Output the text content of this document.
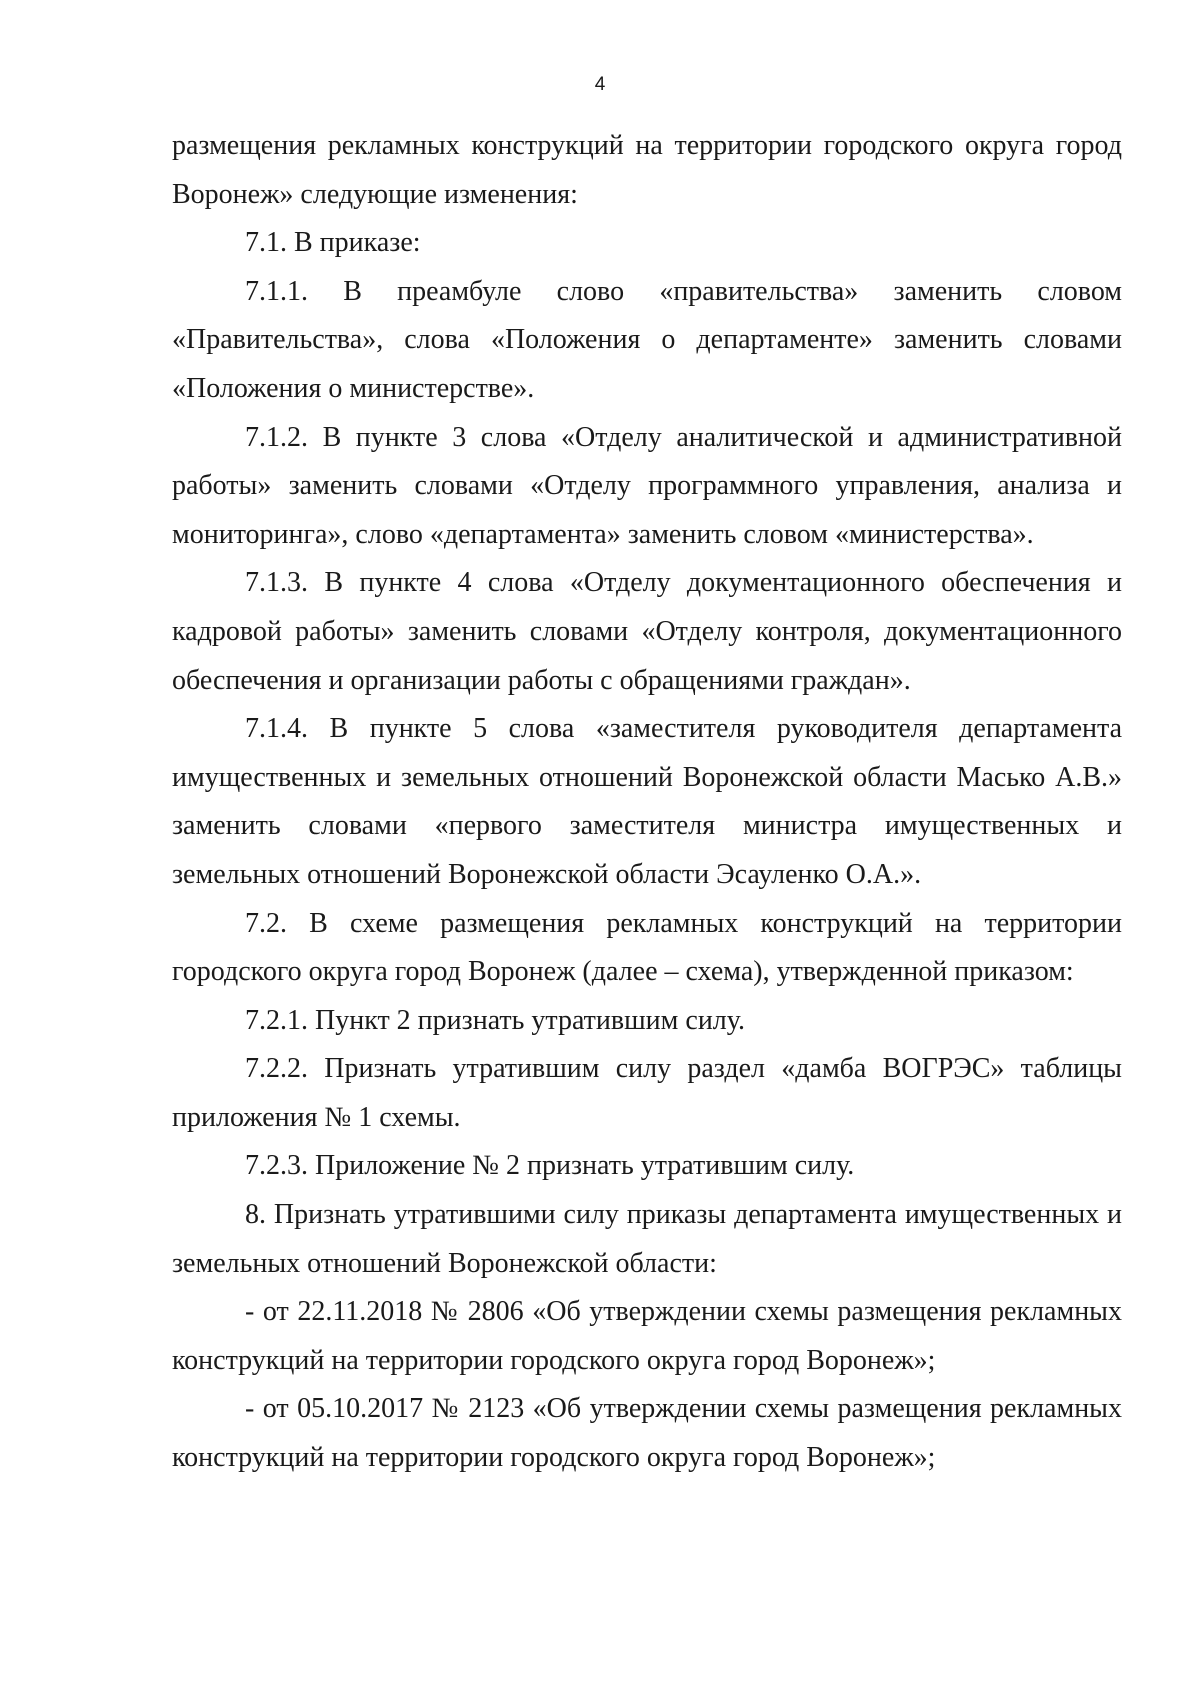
4

размещения рекламных конструкций на территории городского округа город Воронеж» следующие изменения:

7.1. В приказе:

7.1.1. В преамбуле слово «правительства» заменить словом «Правительства», слова «Положения о департаменте» заменить словами «Положения о министерстве».

7.1.2. В пункте 3 слова «Отделу аналитической и административной работы» заменить словами «Отделу программного управления, анализа и мониторинга», слово «департамента» заменить словом «министерства».

7.1.3. В пункте 4 слова «Отделу документационного обеспечения и кадровой работы» заменить словами «Отделу контроля, документационного обеспечения и организации работы с обращениями граждан».

7.1.4. В пункте 5 слова «заместителя руководителя департамента имущественных и земельных отношений Воронежской области Масько А.В.» заменить словами «первого заместителя министра имущественных и земельных отношений Воронежской области Эсауленко О.А.».

7.2. В схеме размещения рекламных конструкций на территории городского округа город Воронеж (далее – схема), утвержденной приказом:

7.2.1. Пункт 2 признать утратившим силу.

7.2.2. Признать утратившим силу раздел «дамба ВОГРЭС» таблицы приложения № 1 схемы.

7.2.3. Приложение № 2 признать утратившим силу.

8. Признать утратившими силу приказы департамента имущественных и земельных отношений Воронежской области:

- от 22.11.2018 № 2806 «Об утверждении схемы размещения рекламных конструкций на территории городского округа город Воронеж»;

- от 05.10.2017 № 2123 «Об утверждении схемы размещения рекламных конструкций на территории городского округа город Воронеж»;
